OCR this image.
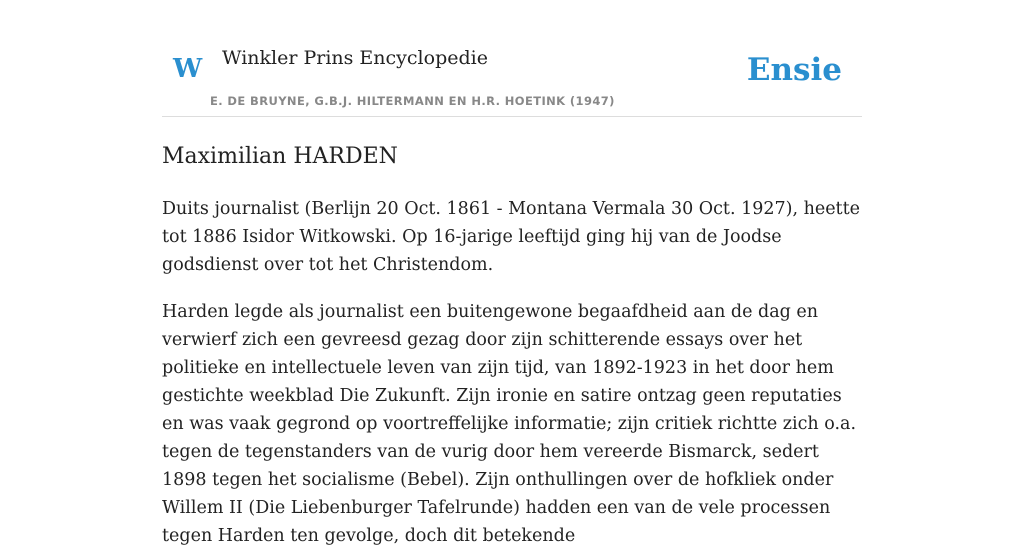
W Winkler Prins Encyclopedie
E. DE BRUYNE, G.B.J. HILTERMANN EN H.R. HOETINK (1947)
Ensie
Maximilian HARDEN

Duits journalist (Berlijn 20 Oct. 1861 - Montana Vermala 30 Oct. 1927), heette tot 1886 Isidor Witkowski. Op 16-jarige leeftijd ging hij van de Joodse godsdienst over tot het Christendom.

Harden legde als journalist een buitengewone begaafdheid aan de dag en verwierf zich een gevreesd gezag door zijn schitterende essays over het politieke en intellectuele leven van zijn tijd, van 1892-1923 in het door hem gestichte weekblad Die Zukunft. Zijn ironie en satire ontzag geen reputaties en was vaak gegrond op voortreffelijke informatie; zijn critiek richtte zich o.a. tegen de tegenstanders van de vurig door hem vereerde Bismarck, sedert 1898 tegen het socialisme (Bebel). Zijn onthullingen over de hofkliek onder Willem II (Die Liebenburger Tafelrunde) hadden een van de vele processen tegen Harden ten gevolge, doch dit betekende
